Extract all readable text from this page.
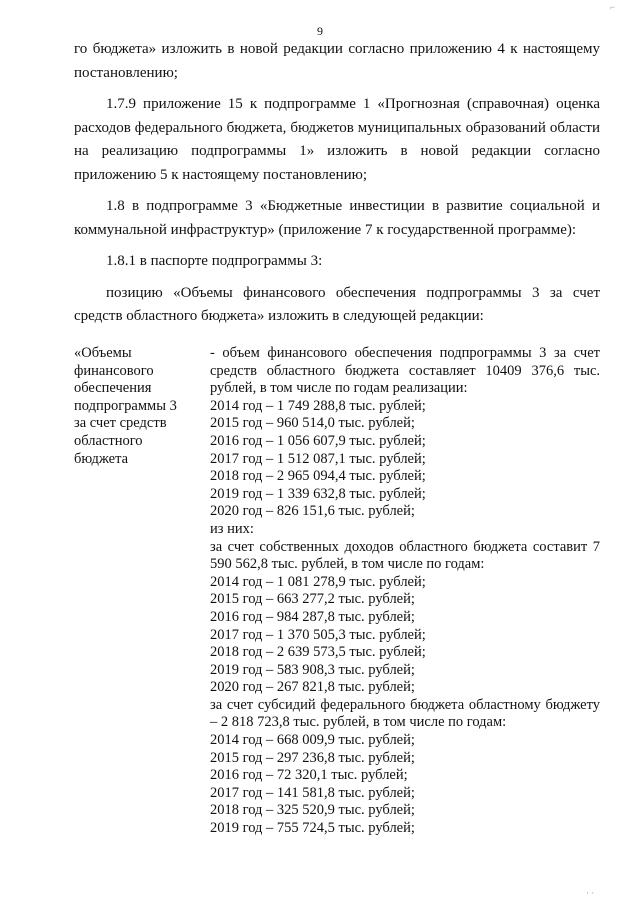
9

го бюджета» изложить в новой редакции согласно приложению 4 к настоящему постановлению;

1.7.9 приложение 15 к подпрограмме 1 «Прогнозная (справочная) оценка расходов федерального бюджета, бюджетов муниципальных образований области на реализацию подпрограммы 1» изложить в новой редакции согласно приложению 5 к настоящему постановлению;

1.8 в подпрограмме 3 «Бюджетные инвестиции в развитие социальной и коммунальной инфраструктур» (приложение 7 к государственной программе):

1.8.1 в паспорте подпрограммы 3:

позицию «Объемы финансового обеспечения подпрограммы 3 за счет средств областного бюджета» изложить в следующей редакции:

«Объемы
финансового
обеспечения
подпрограммы 3
за счет средств
областного
бюджета
- объем финансового обеспечения подпрограммы 3 за счет средств областного бюджета составляет 10409 376,6 тыс. рублей, в том числе по годам реализации:
2014 год – 1 749 288,8 тыс. рублей;
2015 год – 960 514,0 тыс. рублей;
2016 год – 1 056 607,9 тыс. рублей;
2017 год – 1 512 087,1 тыс. рублей;
2018 год – 2 965 094,4 тыс. рублей;
2019 год – 1 339 632,8 тыс. рублей;
2020 год – 826 151,6 тыс. рублей;
из них:
за счет собственных доходов областного бюджета составит 7 590 562,8 тыс. рублей, в том числе по годам:
2014 год – 1 081 278,9 тыс. рублей;
2015 год – 663 277,2 тыс. рублей;
2016 год – 984 287,8 тыс. рублей;
2017 год – 1 370 505,3 тыс. рублей;
2018 год – 2 639 573,5 тыс. рублей;
2019 год – 583 908,3 тыс. рублей;
2020 год – 267 821,8 тыс. рублей;
за счет субсидий федерального бюджета областному бюджету – 2 818 723,8 тыс. рублей, в том числе по годам:
2014 год – 668 009,9 тыс. рублей;
2015 год – 297 236,8 тыс. рублей;
2016 год – 72 320,1 тыс. рублей;
2017 год – 141 581,8 тыс. рублей;
2018 год – 325 520,9 тыс. рублей;
2019 год – 755 724,5 тыс. рублей;
⌐
· ·
